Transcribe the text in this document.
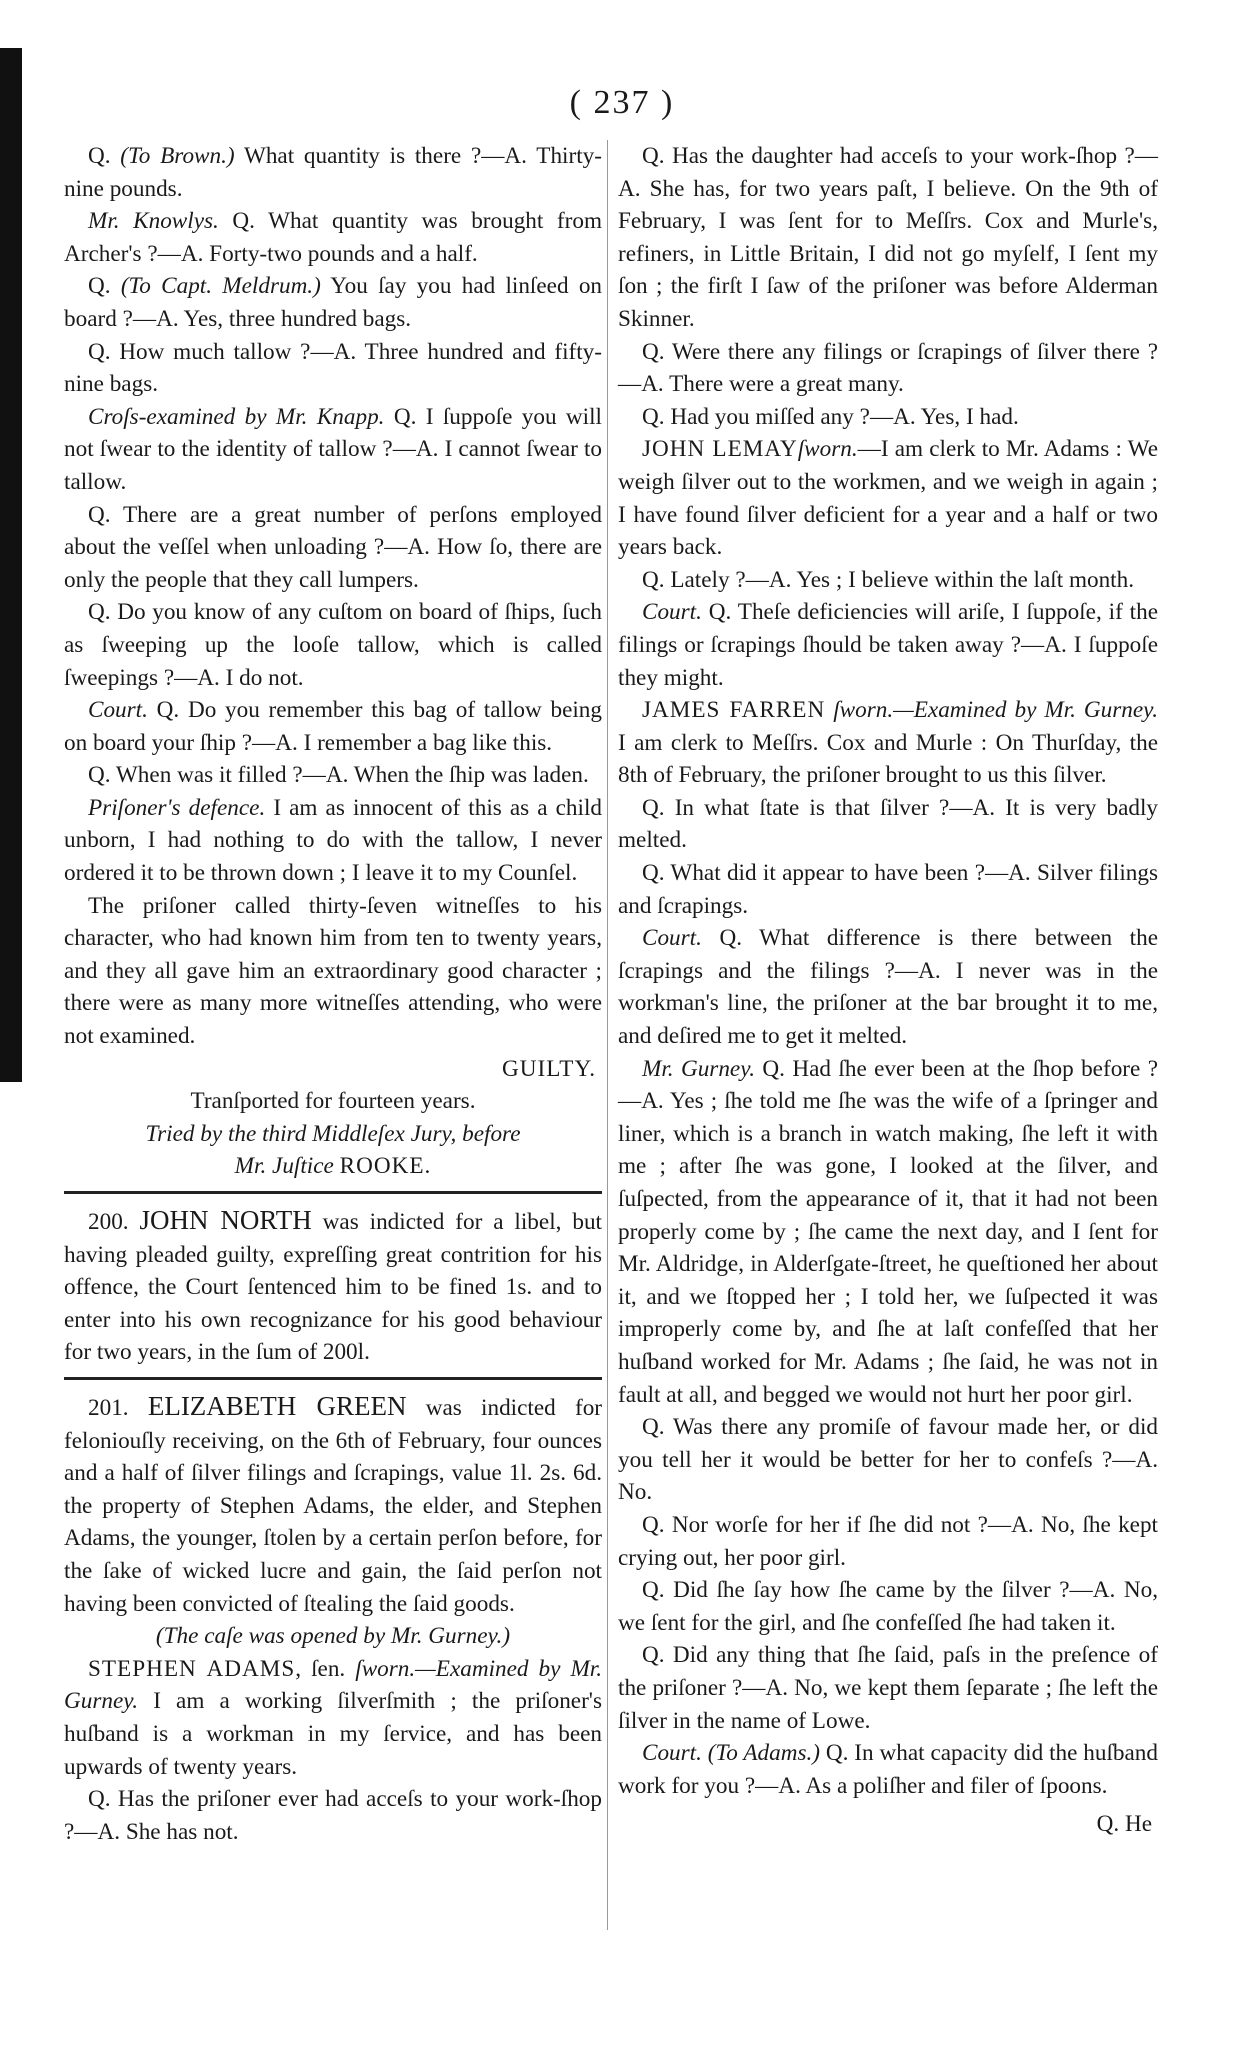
( 237 )

Q. (To Brown.) What quantity is there ?—A. Thirty-nine pounds.

Mr. Knowlys. Q. What quantity was brought from Archer's ?—A. Forty-two pounds and a half.

Q. (To Capt. Meldrum.) You ſay you had linſeed on board ?—A. Yes, three hundred bags.

Q. How much tallow ?—A. Three hundred and fifty-nine bags.

Croſs-examined by Mr. Knapp. Q. I ſuppoſe you will not ſwear to the identity of tallow ?—A. I cannot ſwear to tallow.

Q. There are a great number of perſons employed about the veſſel when unloading ?—A. How ſo, there are only the people that they call lumpers.

Q. Do you know of any cuſtom on board of ſhips, ſuch as ſweeping up the looſe tallow, which is called ſweepings ?—A. I do not.

Court. Q. Do you remember this bag of tallow being on board your ſhip ?—A. I remember a bag like this.

Q. When was it filled ?—A. When the ſhip was laden.

Priſoner's defence. I am as innocent of this as a child unborn, I had nothing to do with the tallow, I never ordered it to be thrown down ; I leave it to my Counſel.

The priſoner called thirty-ſeven witneſſes to his character, who had known him from ten to twenty years, and they all gave him an extraordinary good character ; there were as many more witneſſes attending, who were not examined.

GUILTY.

Tranſported for fourteen years.

Tried by the third Middleſex Jury, before
Mr. Juſtice ROOKE.

200. JOHN NORTH was indicted for a libel, but having pleaded guilty, expreſſing great contrition for his offence, the Court ſentenced him to be fined 1s. and to enter into his own recognizance for his good behaviour for two years, in the ſum of 200l.

201. ELIZABETH GREEN was indicted for feloniouſly receiving, on the 6th of February, four ounces and a half of ſilver filings and ſcrapings, value 1l. 2s. 6d. the property of Stephen Adams, the elder, and Stephen Adams, the younger, ſtolen by a certain perſon before, for the ſake of wicked lucre and gain, the ſaid perſon not having been convicted of ſtealing the ſaid goods.

(The caſe was opened by Mr. Gurney.)

STEPHEN ADAMS, ſen. ſworn.—Examined by Mr. Gurney. I am a working ſilverſmith ; the priſoner's huſband is a workman in my ſervice, and has been upwards of twenty years.

Q. Has the priſoner ever had acceſs to your work-ſhop ?—A. She has not.

Q. Has the daughter had acceſs to your work-ſhop ?—A. She has, for two years paſt, I believe. On the 9th of February, I was ſent for to Meſſrs. Cox and Murle's, refiners, in Little Britain, I did not go myſelf, I ſent my ſon ; the firſt I ſaw of the priſoner was before Alderman Skinner.

Q. Were there any filings or ſcrapings of ſilver there ?—A. There were a great many.

Q. Had you miſſed any ?—A. Yes, I had.

JOHN LEMAYſworn.—I am clerk to Mr. Adams : We weigh ſilver out to the workmen, and we weigh in again ; I have found ſilver deficient for a year and a half or two years back.

Q. Lately ?—A. Yes ; I believe within the laſt month.

Court. Q. Theſe deficiencies will ariſe, I ſuppoſe, if the filings or ſcrapings ſhould be taken away ?—A. I ſuppoſe they might.

JAMES FARREN ſworn.—Examined by Mr. Gurney. I am clerk to Meſſrs. Cox and Murle : On Thurſday, the 8th of February, the priſoner brought to us this ſilver.

Q. In what ſtate is that ſilver ?—A. It is very badly melted.

Q. What did it appear to have been ?—A. Silver filings and ſcrapings.

Court. Q. What difference is there between the ſcrapings and the filings ?—A. I never was in the workman's line, the priſoner at the bar brought it to me, and deſired me to get it melted.

Mr. Gurney. Q. Had ſhe ever been at the ſhop before ?—A. Yes ; ſhe told me ſhe was the wife of a ſpringer and liner, which is a branch in watch making, ſhe left it with me ; after ſhe was gone, I looked at the ſilver, and ſuſpected, from the appearance of it, that it had not been properly come by ; ſhe came the next day, and I ſent for Mr. Aldridge, in Alderſgate-ſtreet, he queſtioned her about it, and we ſtopped her ; I told her, we ſuſpected it was improperly come by, and ſhe at laſt confeſſed that her huſband worked for Mr. Adams ; ſhe ſaid, he was not in fault at all, and begged we would not hurt her poor girl.

Q. Was there any promiſe of favour made her, or did you tell her it would be better for her to confeſs ?—A. No.

Q. Nor worſe for her if ſhe did not ?—A. No, ſhe kept crying out, her poor girl.

Q. Did ſhe ſay how ſhe came by the ſilver ?—A. No, we ſent for the girl, and ſhe confeſſed ſhe had taken it.

Q. Did any thing that ſhe ſaid, paſs in the preſence of the priſoner ?—A. No, we kept them ſeparate ; ſhe left the ſilver in the name of Lowe.

Court. (To Adams.) Q. In what capacity did the huſband work for you ?—A. As a poliſher and filer of ſpoons.

Q. He
